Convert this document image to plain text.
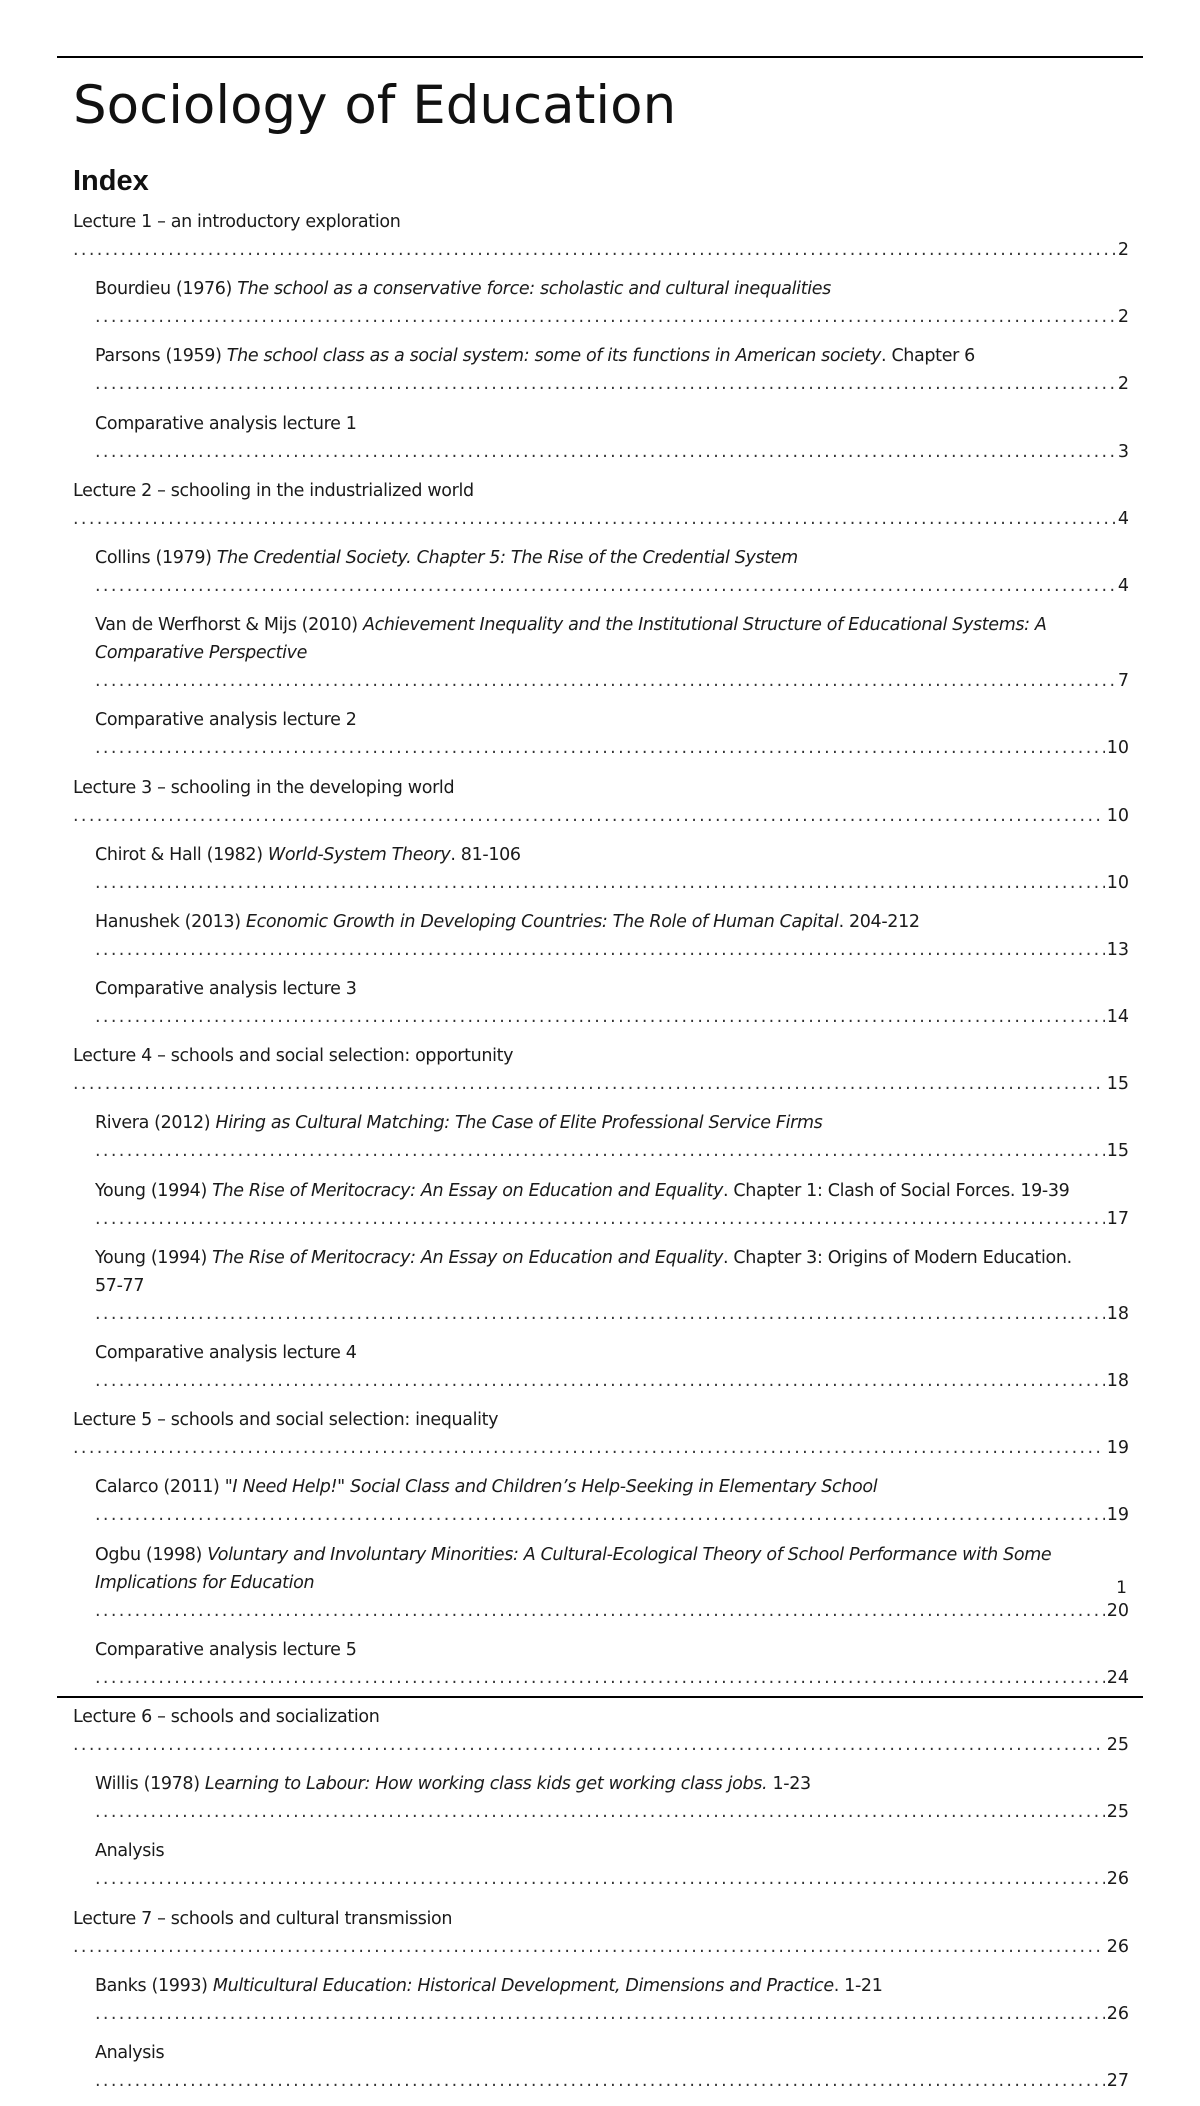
Sociology of Education
Index
Lecture 1 – an introductory exploration . . .
2
Bourdieu (1976) The school as a conservative force: scholastic and cultural inequalities . . .
2
Parsons (1959) The school class as a social system: some of its functions in American society. Chapter 6 . . .
2
Comparative analysis lecture 1 . . .
3
Lecture 2 – schooling in the industrialized world . . .
4
Collins (1979) The Credential Society. Chapter 5: The Rise of the Credential System . . .
4
Van de Werfhorst & Mijs (2010) Achievement Inequality and the Institutional Structure of Educational Systems: A Comparative Perspective . . .
7
Comparative analysis lecture 2 . . .
10
Lecture 3 – schooling in the developing world . . .
10
Chirot & Hall (1982) World-System Theory. 81-106 . . .
10
Hanushek (2013) Economic Growth in Developing Countries: The Role of Human Capital. 204-212 . . .
13
Comparative analysis lecture 3 . . .
14
Lecture 4 – schools and social selection: opportunity . . .
15
Rivera (2012) Hiring as Cultural Matching: The Case of Elite Professional Service Firms . . .
15
Young (1994) The Rise of Meritocracy: An Essay on Education and Equality. Chapter 1: Clash of Social Forces. 19-39 . . .
17
Young (1994) The Rise of Meritocracy: An Essay on Education and Equality. Chapter 3: Origins of Modern Education. 57-77 . . .
18
Comparative analysis lecture 4 . . .
18
Lecture 5 – schools and social selection: inequality . . .
19
Calarco (2011) "I Need Help!" Social Class and Children’s Help-Seeking in Elementary School . . .
19
Ogbu (1998) Voluntary and Involuntary Minorities: A Cultural-Ecological Theory of School Performance with Some Implications for Education . . .
20
Comparative analysis lecture 5 . . .
24
Lecture 6 – schools and socialization . . .
25
Willis (1978) Learning to Labour: How working class kids get working class jobs. 1-23 . . .
25
Analysis . . .
26
Lecture 7 – schools and cultural transmission . . .
26
Banks (1993) Multicultural Education: Historical Development, Dimensions and Practice. 1-21 . . .
26
Analysis . . .
27
1
